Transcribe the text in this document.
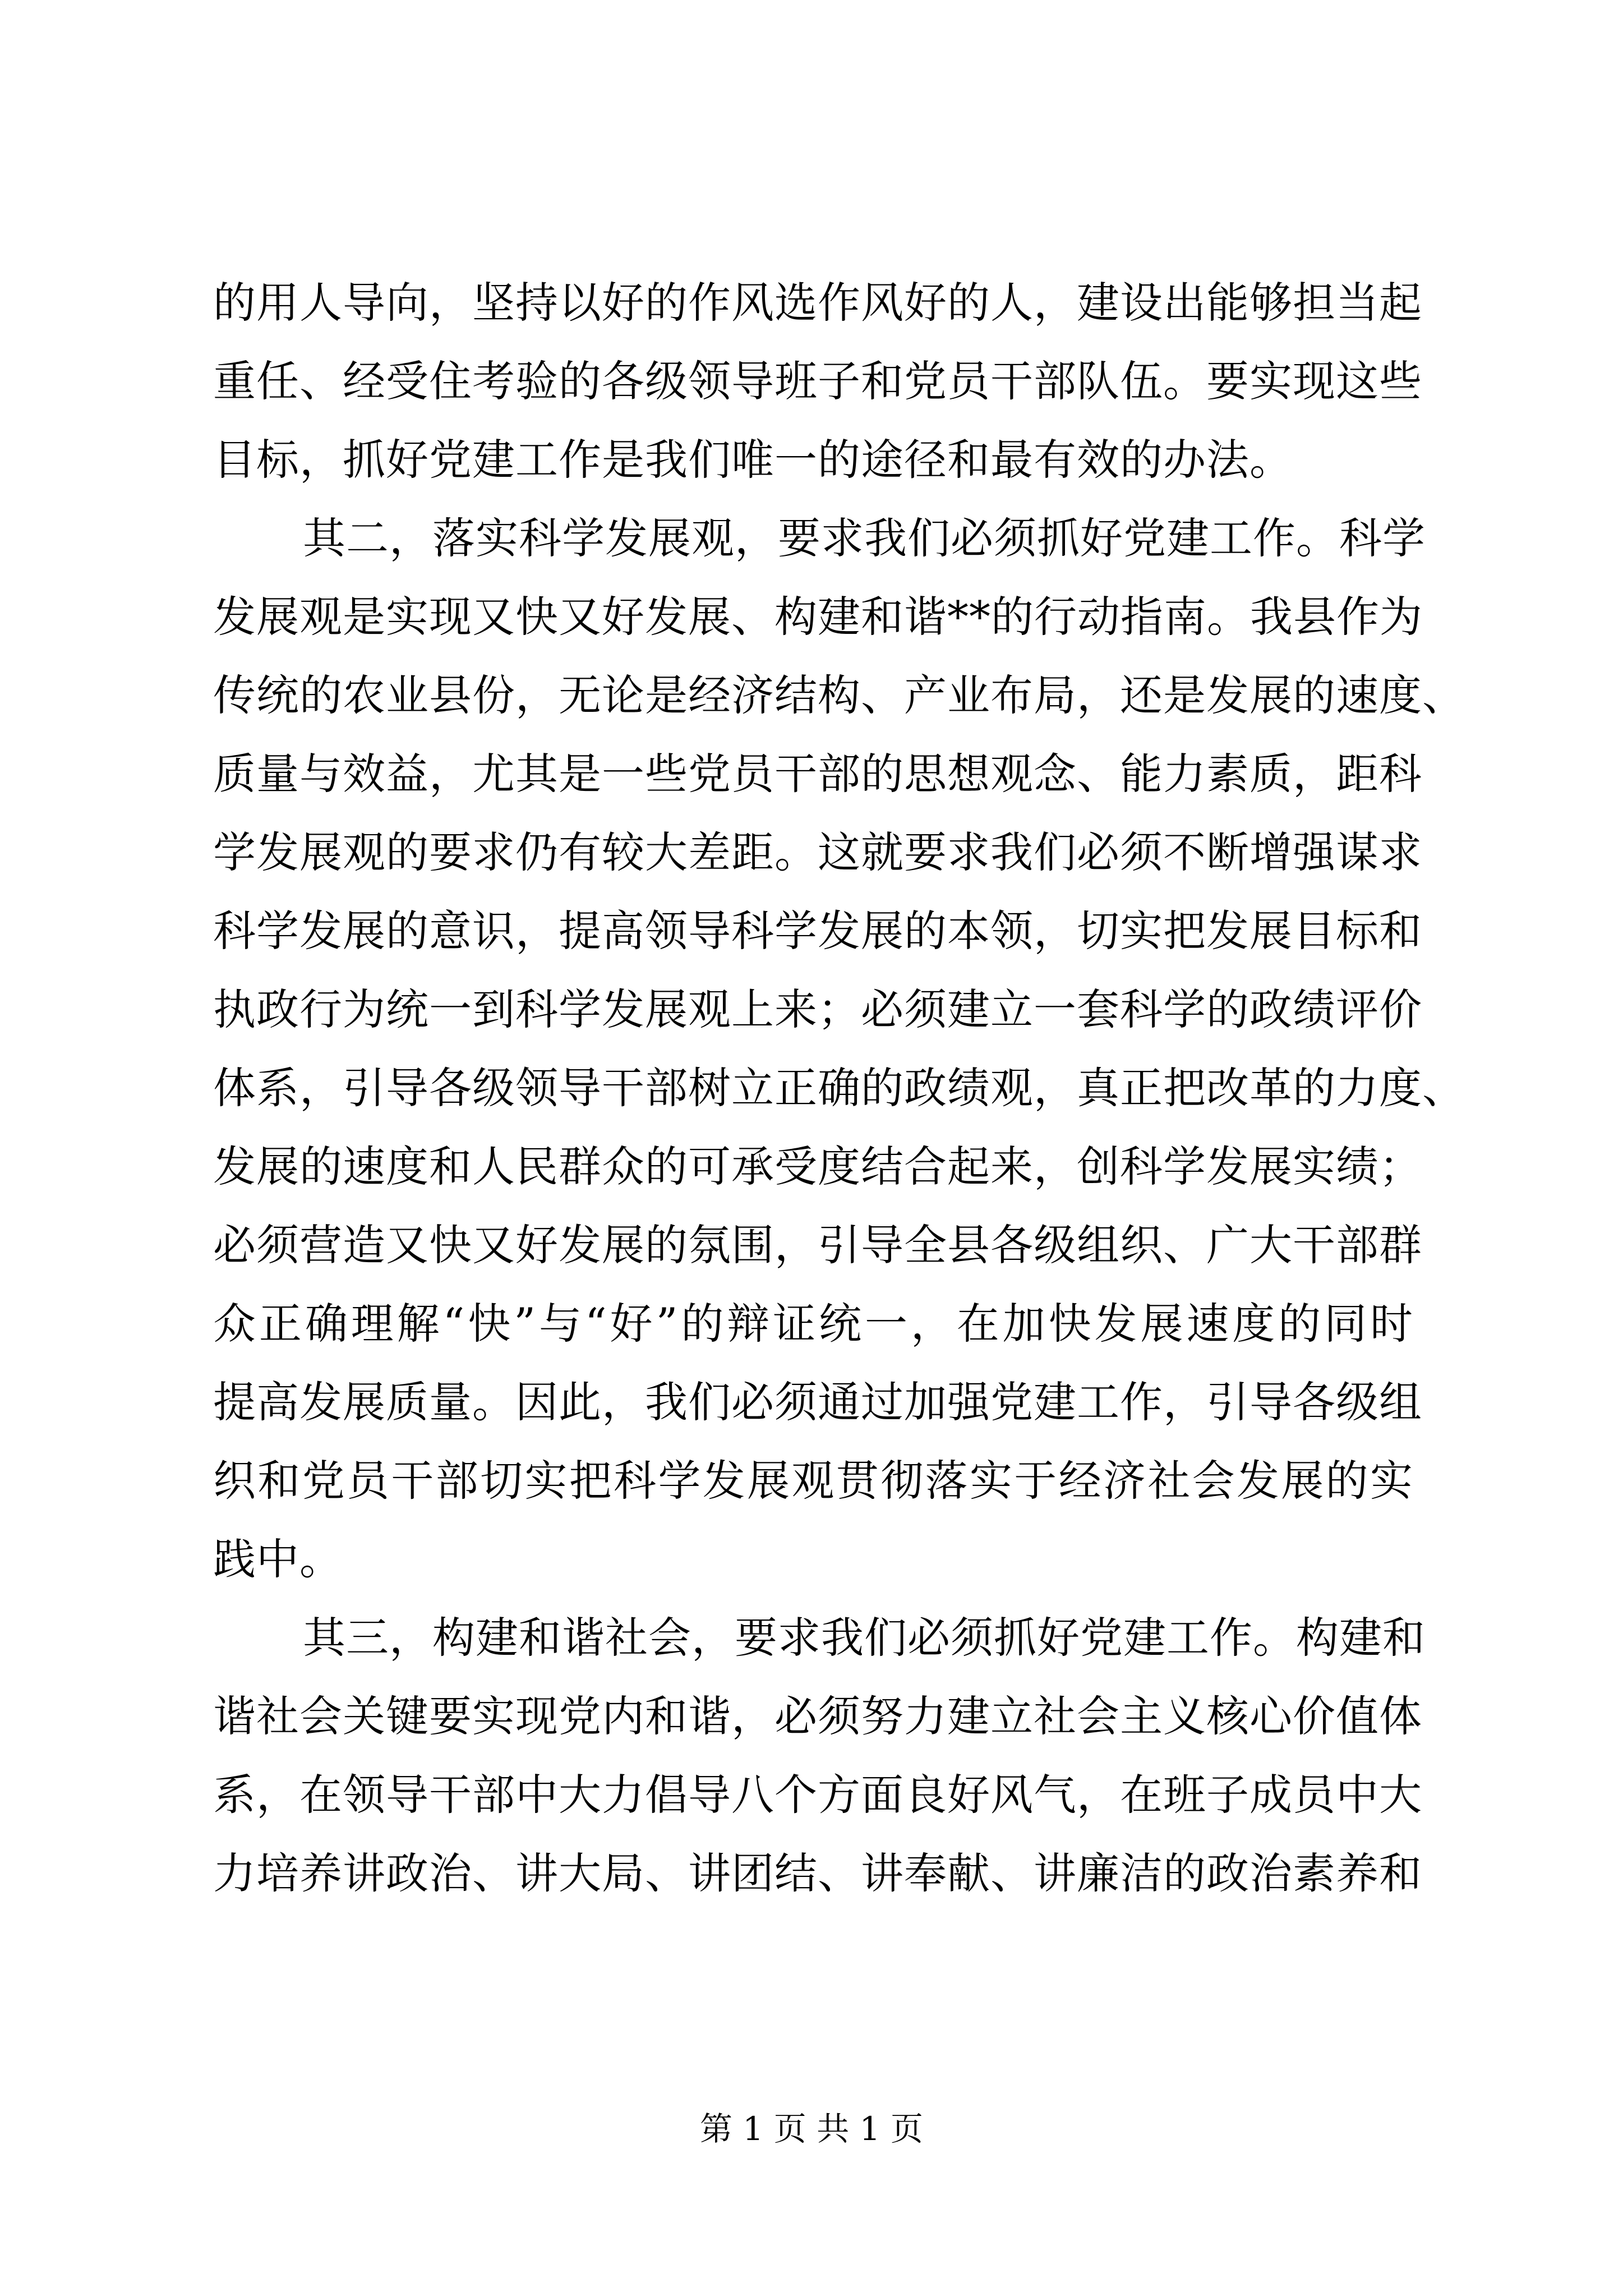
的用人导向，坚持以好的作风选作风好的人，建设出能够担当起
重任、经受住考验的各级领导班子和党员干部队伍。要实现这些
目标，抓好党建工作是我们唯一的途径和最有效的办法。
其二，落实科学发展观，要求我们必须抓好党建工作。科学
发展观是实现又快又好发展、构建和谐**的行动指南。我县作为
传统的农业县份，无论是经济结构、产业布局，还是发展的速度、
质量与效益，尤其是一些党员干部的思想观念、能力素质，距科
学发展观的要求仍有较大差距。这就要求我们必须不断增强谋求
科学发展的意识，提高领导科学发展的本领，切实把发展目标和
执政行为统一到科学发展观上来；必须建立一套科学的政绩评价
体系，引导各级领导干部树立正确的政绩观，真正把改革的力度、
发展的速度和人民群众的可承受度结合起来，创科学发展实绩；
必须营造又快又好发展的氛围，引导全县各级组织、广大干部群
众正确理解“快”与“好”的辩证统一，在加快发展速度的同时
提高发展质量。因此，我们必须通过加强党建工作，引导各级组
织和党员干部切实把科学发展观贯彻落实于经济社会发展的实
践中。
其三，构建和谐社会，要求我们必须抓好党建工作。构建和
谐社会关键要实现党内和谐，必须努力建立社会主义核心价值体
系，在领导干部中大力倡导八个方面良好风气，在班子成员中大
力培养讲政治、讲大局、讲团结、讲奉献、讲廉洁的政治素养和
第 1 页 共 1 页
